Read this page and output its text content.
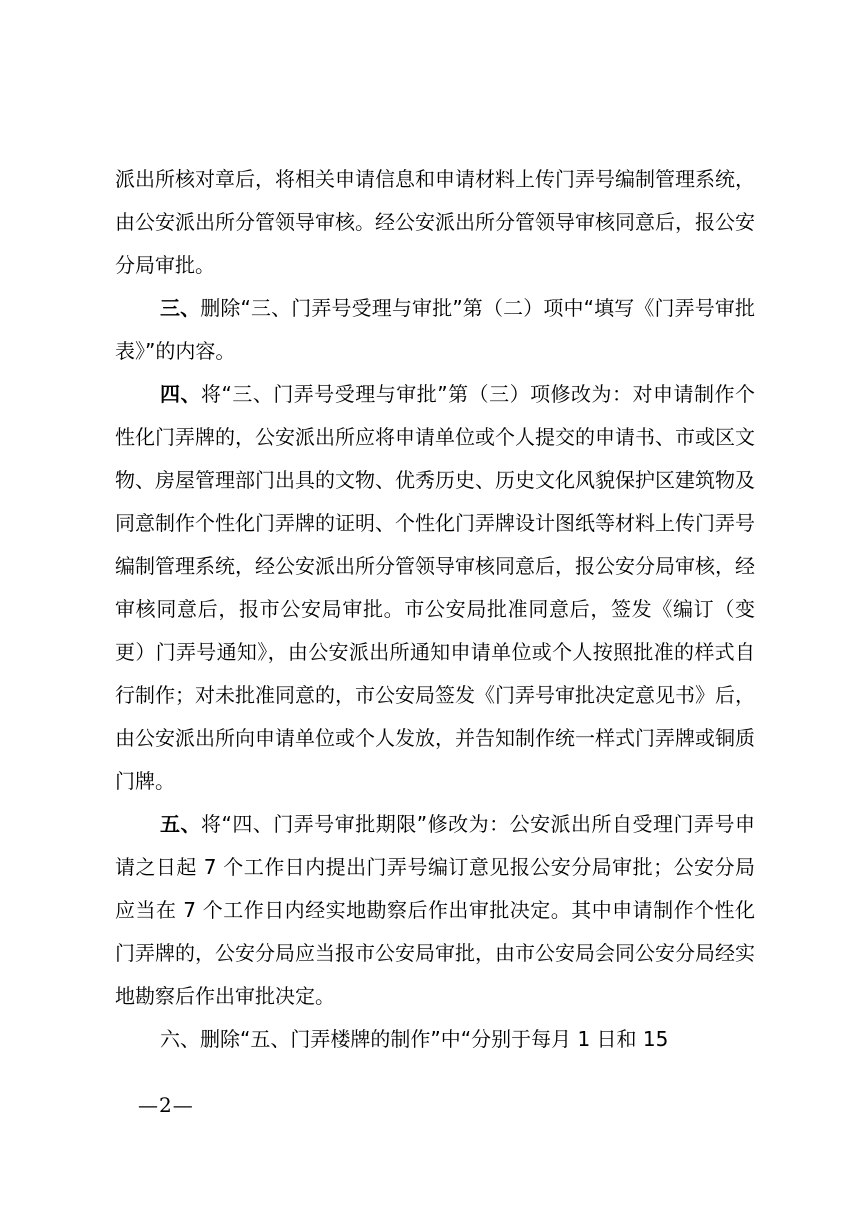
派出所核对章后，将相关申请信息和申请材料上传门弄号编制管理系统，由公安派出所分管领导审核。经公安派出所分管领导审核同意后，报公安分局审批。

三、删除“三、门弄号受理与审批”第（二）项中“填写《门弄号审批表》”的内容。

四、将“三、门弄号受理与审批”第（三）项修改为：对申请制作个性化门弄牌的，公安派出所应将申请单位或个人提交的申请书、市或区文物、房屋管理部门出具的文物、优秀历史、历史文化风貌保护区建筑物及同意制作个性化门弄牌的证明、个性化门弄牌设计图纸等材料上传门弄号编制管理系统，经公安派出所分管领导审核同意后，报公安分局审核，经审核同意后，报市公安局审批。市公安局批准同意后，签发《编订（变更）门弄号通知》，由公安派出所通知申请单位或个人按照批准的样式自行制作；对未批准同意的，市公安局签发《门弄号审批决定意见书》后，由公安派出所向申请单位或个人发放，并告知制作统一样式门弄牌或铜质门牌。

五、将“四、门弄号审批期限”修改为：公安派出所自受理门弄号申请之日起 7 个工作日内提出门弄号编订意见报公安分局审批；公安分局应当在 7 个工作日内经实地勘察后作出审批决定。其中申请制作个性化门弄牌的，公安分局应当报市公安局审批，由市公安局会同公安分局经实地勘察后作出审批决定。

六、删除“五、门弄楼牌的制作”中“分别于每月 1 日和 15

—2—
